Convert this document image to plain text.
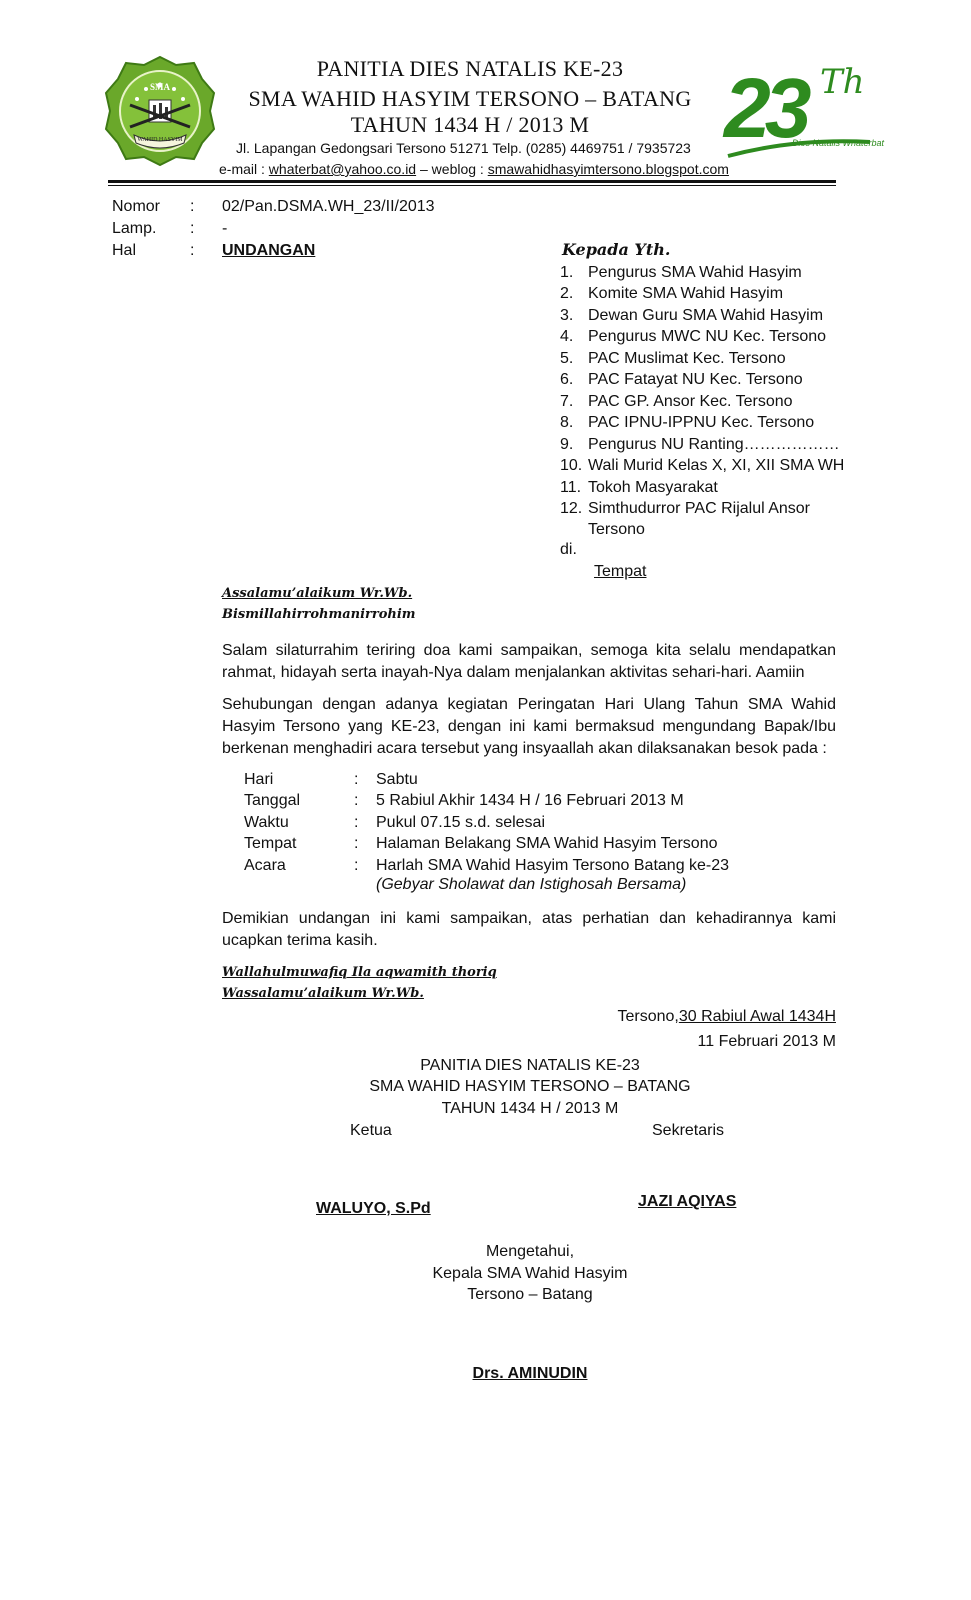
SMA
WAHID HASYIM
PANITIA DIES NATALIS KE-23
SMA WAHID HASYIM TERSONO – BATANG
TAHUN 1434 H / 2013 M
Jl. Lapangan Gedongsari Tersono 51271 Telp. (0285) 4469751 / 7935723
e-mail : whaterbat@yahoo.co.id – weblog : smawahidhasyimtersono.blogspot.com
23 Th
Dies Natalis Whaterbat
Nomor	: 02/Pan.DSMA.WH_23/II/2013
Lamp.	: -
Hal	: UNDANGAN	Kepada Yth.
1. Pengurus SMA Wahid Hasyim
2. Komite SMA Wahid Hasyim
3. Dewan Guru SMA Wahid Hasyim
4. Pengurus MWC NU Kec. Tersono
5. PAC Muslimat Kec. Tersono
6. PAC Fatayat NU Kec. Tersono
7. PAC GP. Ansor Kec. Tersono
8. PAC IPNU-IPPNU Kec. Tersono
9. Pengurus NU Ranting………………
10. Wali Murid Kelas X, XI, XII SMA WH
11. Tokoh Masyarakat
12. Simthudurror PAC Rijalul Ansor
Tersono
di.
Tempat
Assalamu’alaikum Wr.Wb.
Bismillahirrohmanirrohim
Salam silaturrahim teriring doa kami sampaikan, semoga kita selalu mendapatkan rahmat, hidayah serta inayah-Nya dalam menjalankan aktivitas sehari-hari. Aamiin
Sehubungan dengan adanya kegiatan Peringatan Hari Ulang Tahun SMA Wahid Hasyim Tersono yang KE-23, dengan ini kami bermaksud mengundang Bapak/Ibu berkenan menghadiri acara tersebut yang insyaallah akan dilaksanakan besok pada :
Hari	: Sabtu
Tanggal	: 5 Rabiul Akhir 1434 H / 16 Februari 2013 M
Waktu	: Pukul 07.15 s.d. selesai
Tempat	: Halaman Belakang SMA Wahid Hasyim Tersono
Acara	: Harlah SMA Wahid Hasyim Tersono Batang ke-23
(Gebyar Sholawat dan Istighosah Bersama)
Demikian undangan ini kami sampaikan, atas perhatian dan kehadirannya kami ucapkan terima kasih.
Wallahulmuwafiq Ila aqwamith thoriq
Wassalamu’alaikum Wr.Wb.
Tersono,30 Rabiul Awal 1434H
11 Februari 2013 M
PANITIA DIES NATALIS KE-23
SMA WAHID HASYIM TERSONO – BATANG
TAHUN 1434 H / 2013 M
Ketua	Sekretaris
WALUYO, S.Pd	JAZI AQIYAS
Mengetahui,
Kepala SMA Wahid Hasyim
Tersono – Batang
Drs. AMINUDIN
